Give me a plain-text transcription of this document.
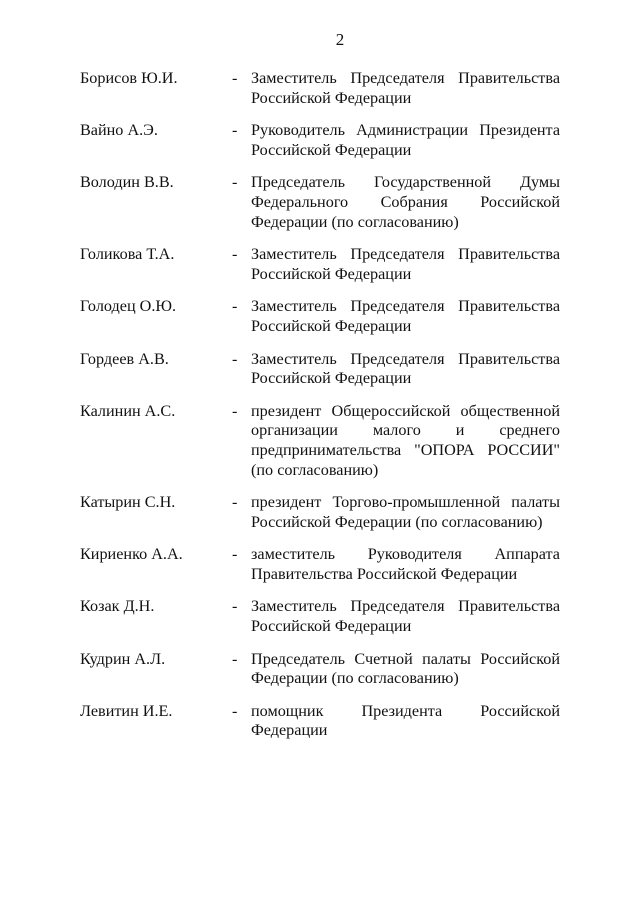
2
Борисов Ю.И.	- Заместитель Председателя Правительства Российской Федерации
Вайно А.Э.	- Руководитель Администрации Президента Российской Федерации
Володин В.В.	- Председатель Государственной Думы Федерального Собрания Российской Федерации (по согласованию)
Голикова Т.А.	- Заместитель Председателя Правительства Российской Федерации
Голодец О.Ю.	- Заместитель Председателя Правительства Российской Федерации
Гордеев А.В.	- Заместитель Председателя Правительства Российской Федерации
Калинин А.С.	- президент Общероссийской общественной организации малого и среднего предпринимательства "ОПОРА РОССИИ" (по согласованию)
Катырин С.Н.	- президент Торгово-промышленной палаты Российской Федерации (по согласованию)
Кириенко А.А.	- заместитель Руководителя Аппарата Правительства Российской Федерации
Козак Д.Н.	- Заместитель Председателя Правительства Российской Федерации
Кудрин А.Л.	- Председатель Счетной палаты Российской Федерации (по согласованию)
Левитин И.Е.	- помощник Президента Российской Федерации
